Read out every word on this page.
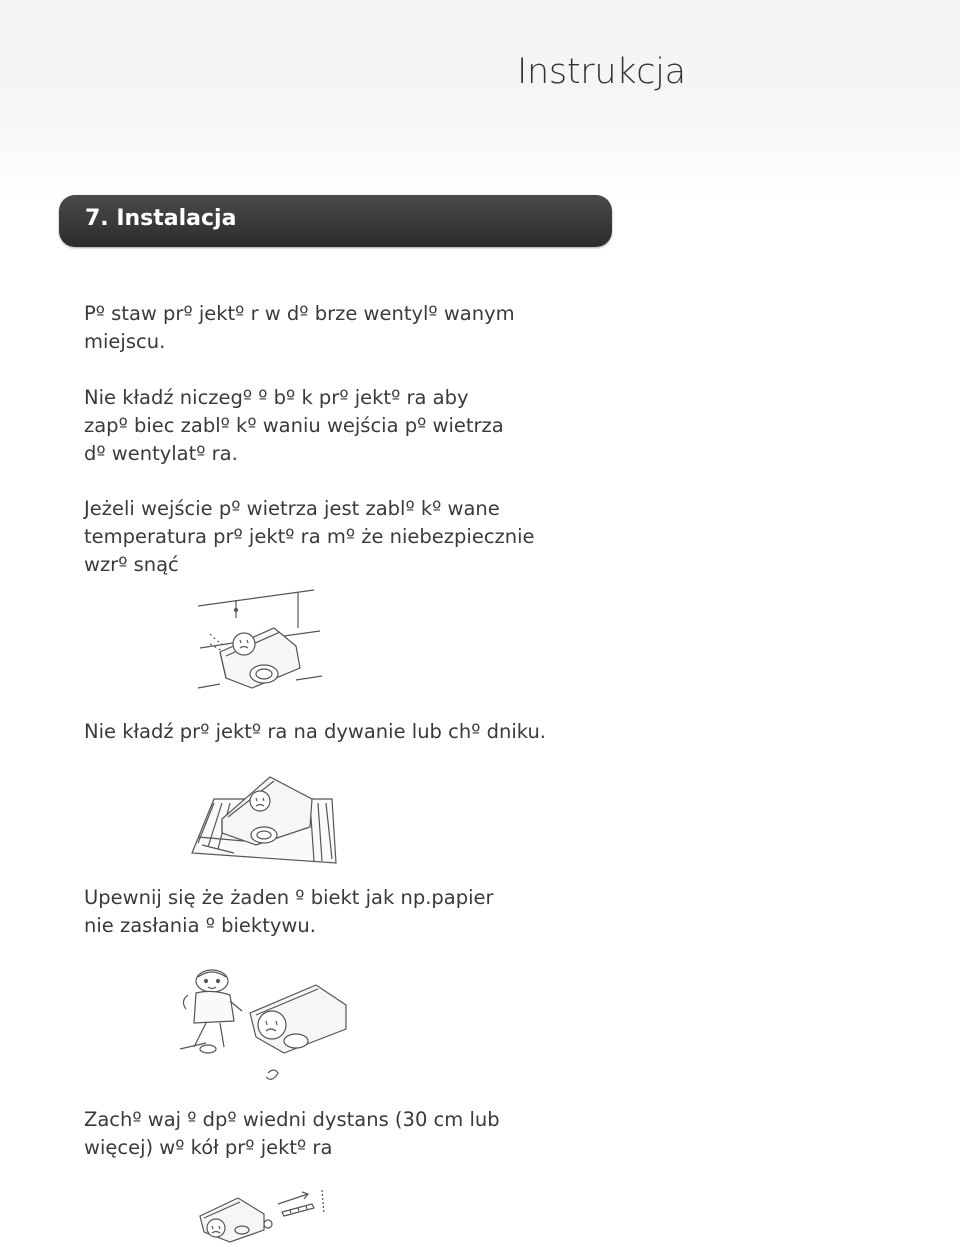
Instrukcja
7. Instalacja

Pº staw prº jektº r w dº brze wentylº wanym
miejscu.

Nie kładź niczegº º bº k prº jektº ra aby
zapº biec zablº kº waniu wejścia pº wietrza
dº wentylatº ra.

Jeżeli wejście pº wietrza jest zablº kº wane
temperatura prº jektº ra mº że niebezpiecznie
wzrº snąć

Nie kładź prº jektº ra na dywanie lub chº dniku.

Upewnij się że żaden º biekt jak np.papier
nie zasłania º biektywu.

Zachº waj º dpº wiedni dystans (30 cm lub
więcej) wº kół prº jektº ra
